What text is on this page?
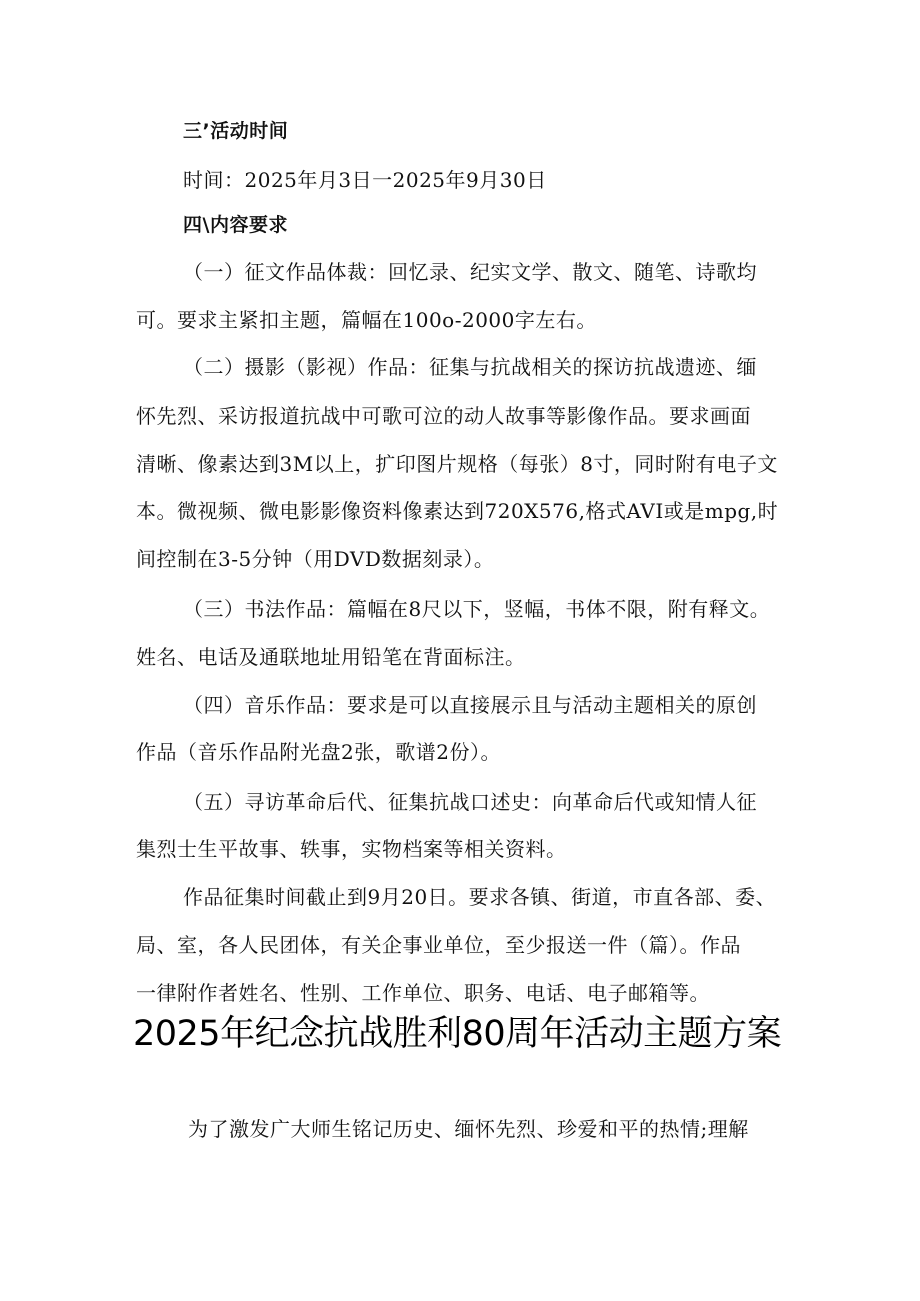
三’活动时间
时间：2025年月3日一2025年9月30日
四\内容要求
（一）征文作品体裁：回忆录、纪实文学、散文、随笔、诗歌均
可。要求主紧扣主题，篇幅在100o-2000字左右。
（二）摄影（影视）作品：征集与抗战相关的探访抗战遗迹、缅
怀先烈、采访报道抗战中可歌可泣的动人故事等影像作品。要求画面
清晰、像素达到3M以上，扩印图片规格（每张）8寸，同时附有电子文
本。微视频、微电影影像资料像素达到720X576,格式AVI或是mpg,时
间控制在3-5分钟（用DVD数据刻录）。
（三）书法作品：篇幅在8尺以下，竖幅，书体不限，附有释文。
姓名、电话及通联地址用铅笔在背面标注。
（四）音乐作品：要求是可以直接展示且与活动主题相关的原创
作品（音乐作品附光盘2张，歌谱2份）。
（五）寻访革命后代、征集抗战口述史：向革命后代或知情人征
集烈士生平故事、轶事，实物档案等相关资料。
作品征集时间截止到9月20日。要求各镇、街道，市直各部、委、
局、室，各人民团体，有关企事业单位，至少报送一件（篇）。作品
一律附作者姓名、性别、工作单位、职务、电话、电子邮箱等。
2025年纪念抗战胜利80周年活动主题方案
为了激发广大师生铭记历史、缅怀先烈、珍爱和平的热情;理解
